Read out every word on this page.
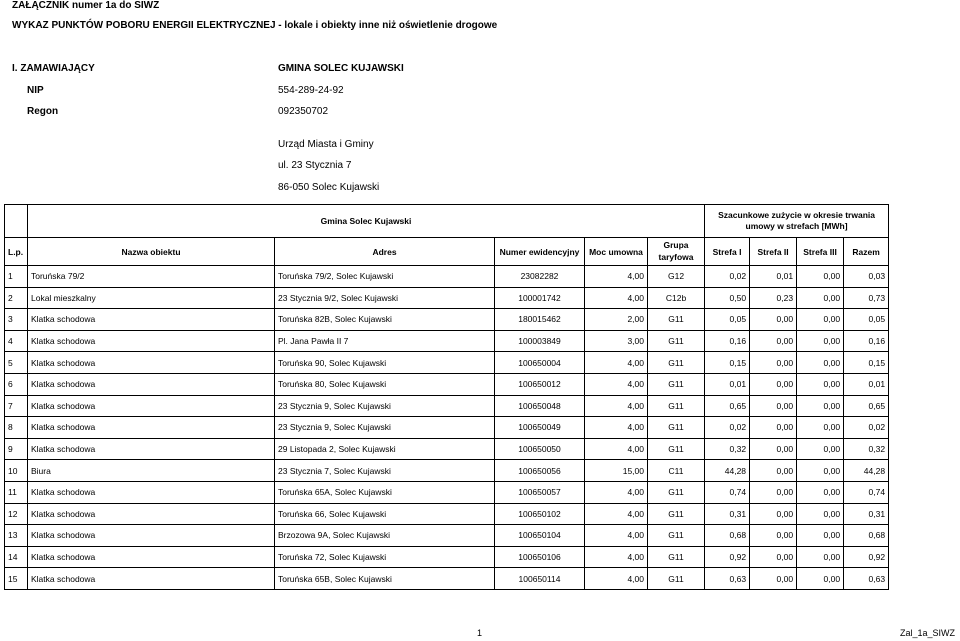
ZAŁĄCZNIK numer 1a do SIWZ
WYKAZ PUNKTÓW POBORU ENERGII ELEKTRYCZNEJ - lokale i obiekty inne niż oświetlenie drogowe
I. ZAMAWIAJĄCY	GMINA SOLEC KUJAWSKI
NIP	554-289-24-92
Regon	092350702
Urząd Miasta i Gminy
ul. 23 Stycznia 7
86-050 Solec Kujawski
	Gmina Solec Kujawski					Szacunkowe zużycie w okresie trwania umowy w strefach [MWh]			
L.p.	Nazwa obiektu	Adres	Numer ewidencyjny	Moc umowna	Grupa taryfowa	Strefa I	Strefa II	Strefa III	Razem
1	Toruńska 79/2	Toruńska 79/2, Solec Kujawski	23082282	4,00	G12	0,02	0,01	0,00	0,03
2	Lokal mieszkalny	23 Stycznia 9/2, Solec Kujawski	100001742	4,00	C12b	0,50	0,23	0,00	0,73
3	Klatka schodowa	Toruńska 82B, Solec Kujawski	180015462	2,00	G11	0,05	0,00	0,00	0,05
4	Klatka schodowa	Pl. Jana Pawła II 7	100003849	3,00	G11	0,16	0,00	0,00	0,16
5	Klatka schodowa	Toruńska 90, Solec Kujawski	100650004	4,00	G11	0,15	0,00	0,00	0,15
6	Klatka schodowa	Toruńska 80, Solec Kujawski	100650012	4,00	G11	0,01	0,00	0,00	0,01
7	Klatka schodowa	23 Stycznia 9, Solec Kujawski	100650048	4,00	G11	0,65	0,00	0,00	0,65
8	Klatka schodowa	23 Stycznia 9, Solec Kujawski	100650049	4,00	G11	0,02	0,00	0,00	0,02
9	Klatka schodowa	29 Listopada 2, Solec Kujawski	100650050	4,00	G11	0,32	0,00	0,00	0,32
10	Biura	23 Stycznia 7, Solec Kujawski	100650056	15,00	C11	44,28	0,00	0,00	44,28
11	Klatka schodowa	Toruńska 65A, Solec Kujawski	100650057	4,00	G11	0,74	0,00	0,00	0,74
12	Klatka schodowa	Toruńska 66, Solec Kujawski	100650102	4,00	G11	0,31	0,00	0,00	0,31
13	Klatka schodowa	Brzozowa 9A, Solec Kujawski	100650104	4,00	G11	0,68	0,00	0,00	0,68
14	Klatka schodowa	Toruńska 72, Solec Kujawski	100650106	4,00	G11	0,92	0,00	0,00	0,92
15	Klatka schodowa	Toruńska 65B, Solec Kujawski	100650114	4,00	G11	0,63	0,00	0,00	0,63
1	Zal_1a_SIWZ
